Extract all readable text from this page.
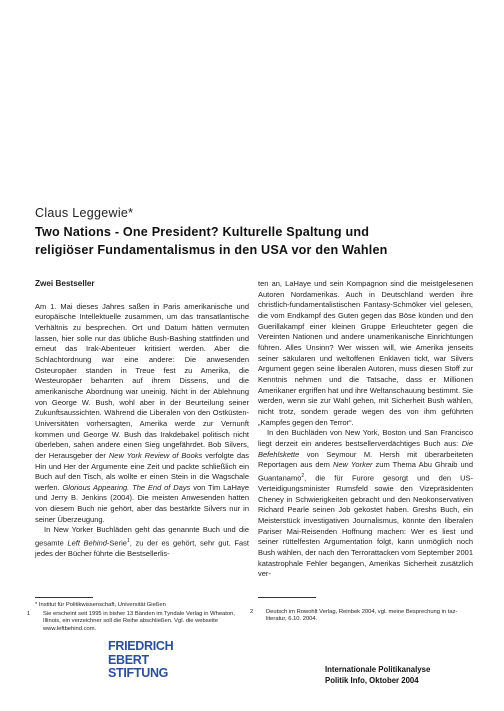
Claus Leggewie*
Two Nations - One President? Kulturelle Spaltung und
religiöser Fundamentalismus in den USA vor den Wahlen
Zwei Bestseller

Am 1. Mai dieses Jahres saßen in Paris amerikanische und europäische Intellektuelle zusammen, um das transatlantische Verhältnis zu besprechen. Ort und Datum hätten vermuten lassen, hier solle nur das übliche Bush-Bashing stattfinden und erneut das Irak-Abenteuer kritisiert werden. Aber die Schlachtordnung war eine andere: Die anwesenden Osteuropäer standen in Treue fest zu Amerika, die Westeuropäer beharrten auf ihrem Dissens, und die amerikanische Abordnung war uneinig. Nicht in der Ablehnung von George W. Bush, wohl aber in der Beurteilung seiner Zukunftsaussichten. Während die Liberalen von den Ostküsten-Universitäten vorhersagten, Amerika werde zur Vernunft kommen und George W. Bush das Irakdebakel politisch nicht überleben, sahen andere einen Sieg ungefährdet. Bob Silvers, der Herausgeber der New York Review of Books verfolgte das Hin und Her der Argumente eine Zeit und packte schließlich ein Buch auf den Tisch, als wollte er einen Stein in die Wagschale werfen. Glorious Appearing. The End of Days von Tim LaHaye und Jerry B. Jenkins (2004). Die meisten Anwesenden hatten von diesem Buch nie gehört, aber das bestärkte Silvers nur in seiner Überzeugung.

In New Yorker Buchläden geht das genannte Buch und die gesamte Left Behind-Serie$^1$, zu der es gehört, sehr gut. Fast jedes der Bücher führte die Bestsellerlis-

ten an, LaHaye und sein Kompagnon sind die meistgelesenen Autoren Nordamerikas. Auch in Deutschland werden ihre christlich-fundamentalistischen Fantasy-Schmöker viel gelesen, die vom Endkampf des Guten gegen das Böse künden und den Guerillakampf einer kleinen Gruppe Erleuchteter gegen die Vereinten Nationen und andere unamerikanische Einrichtungen führen. Alles Unsinn? Wer wissen will, wie Amerika jenseits seiner säkularen und weltoffenen Enklaven tickt, war Silvers Argument gegen seine liberalen Autoren, muss diesen Stoff zur Kenntnis nehmen und die Tatsache, dass er Millionen Amerikaner ergriffen hat und ihre Weltanschauung bestimmt. Sie werden, wenn sie zur Wahl gehen, mit Sicherheit Bush wählen, nicht trotz, sondern gerade wegen des von ihm geführten „Kampfes gegen den Terror“.

In den Buchläden von New York, Boston und San Francisco liegt derzeit ein anderes bestsellerverdächtiges Buch aus: Die Befehlskette von Seymour M. Hersh mit überarbeiteten Reportagen aus dem New Yorker zum Thema Abu Ghraib und Guantanamo$^2$, die für Furore gesorgt und den US-Verteidigungsminister Rumsfeld sowie den Vizepräsidenten Cheney in Schwierigkeiten gebracht und den Neokonservativen Richard Pearle seinen Job gekostet haben. Greshs Buch, ein Meisterstück investigativen Journalismus, könnte den liberalen Pariser Mai-Reisenden Hoffnung machen: Wer es liest und seiner rüttelfesten Argumentation folgt, kann unmöglich noch Bush wählen, der nach den Terrorattacken vom September 2001 katastrophale Fehler begangen, Amerikas Sicherheit zusätzlich ver-

* Institut für Politikwissenschaft, Universität Gießen
1 Sie erscheint seit 1995 in bisher 13 Bänden im Tyndale Verlag in Wheaton, Illinois, ein verzeichner soll die Reihe abschließen. Vgl. die webseite www.leftbehind.com.
2 Deutsch im Rowohlt Verlag, Reinbek 2004, vgl. meine Besprechung in taz-literatur, 6.10. 2004.
FRIEDRICH
EBERT
STIFTUNG	Internationale Politikanalyse
Politik Info, Oktober 2004
